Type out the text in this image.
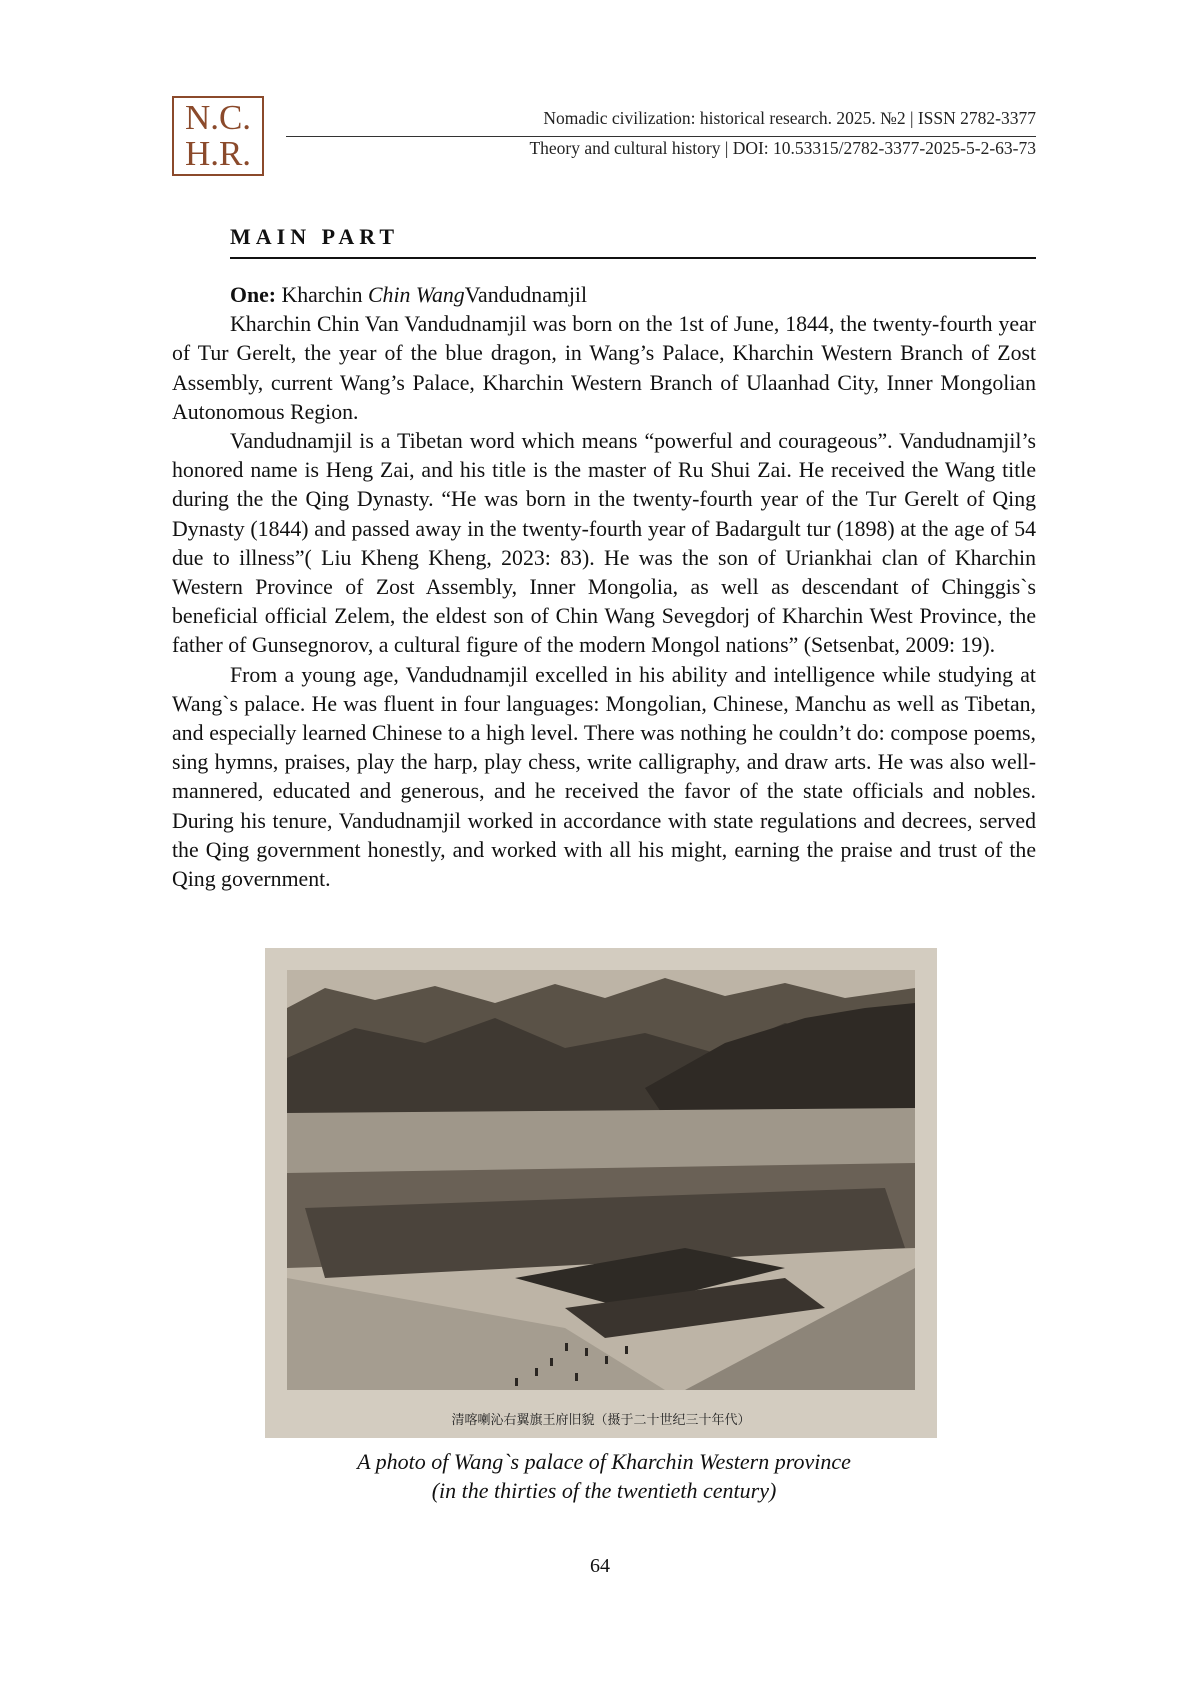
N.C.
H.R.
Nomadic civilization: historical research. 2025. №2 | ISSN 2782-3377
Theory and cultural history | DOI: 10.53315/2782-3377-2025-5-2-63-73
MAIN PART

One: Kharchin Chin WangVandudnamjil

Kharchin Chin Van Vandudnamjil was born on the 1st of June, 1844, the twenty-fourth year of Tur Gerelt, the year of the blue dragon, in Wang’s Palace, Kharchin Western Branch of Zost Assembly, current Wang’s Palace, Kharchin Western Branch of Ulaanhad City, Inner Mongolian Autonomous Region.

Vandudnamjil is a Tibetan word which means “powerful and courageous”. Vandudnamjil’s honored name is Heng Zai, and his title is the master of Ru Shui Zai. He received the Wang title during the the Qing Dynasty. “He was born in the twenty-fourth year of the Tur Gerelt of Qing Dynasty (1844) and passed away in the twenty-fourth year of Badargult tur (1898) at the age of 54 due to illness”( Liu Kheng Kheng, 2023: 83). He was the son of Uriankhai clan of Kharchin Western Province of Zost Assembly, Inner Mongolia, as well as descendant of Chinggis`s beneficial official Zelem, the eldest son of Chin Wang Sevegdorj of Kharchin West Province, the father of Gunsegnorov, a cultural figure of the modern Mongol nations” (Setsenbat, 2009: 19).

From a young age, Vandudnamjil excelled in his ability and intelligence while studying at Wang`s palace. He was fluent in four languages: Mongolian, Chinese, Manchu as well as Tibetan, and especially learned Chinese to a high level. There was nothing he couldn’t do: compose poems, sing hymns, praises, play the harp, play chess, write calligraphy, and draw arts. He was also well-mannered, educated and generous, and he received the favor of the state officials and nobles. During his tenure, Vandudnamjil worked in accordance with state regulations and decrees, served the Qing government honestly, and worked with all his might, earning the praise and trust of the Qing government.

清喀喇沁右翼旗王府旧貌（摄于二十世纪三十年代）
A photo of Wang`s palace of Kharchin Western province
(in the thirties of the twentieth century)
64
